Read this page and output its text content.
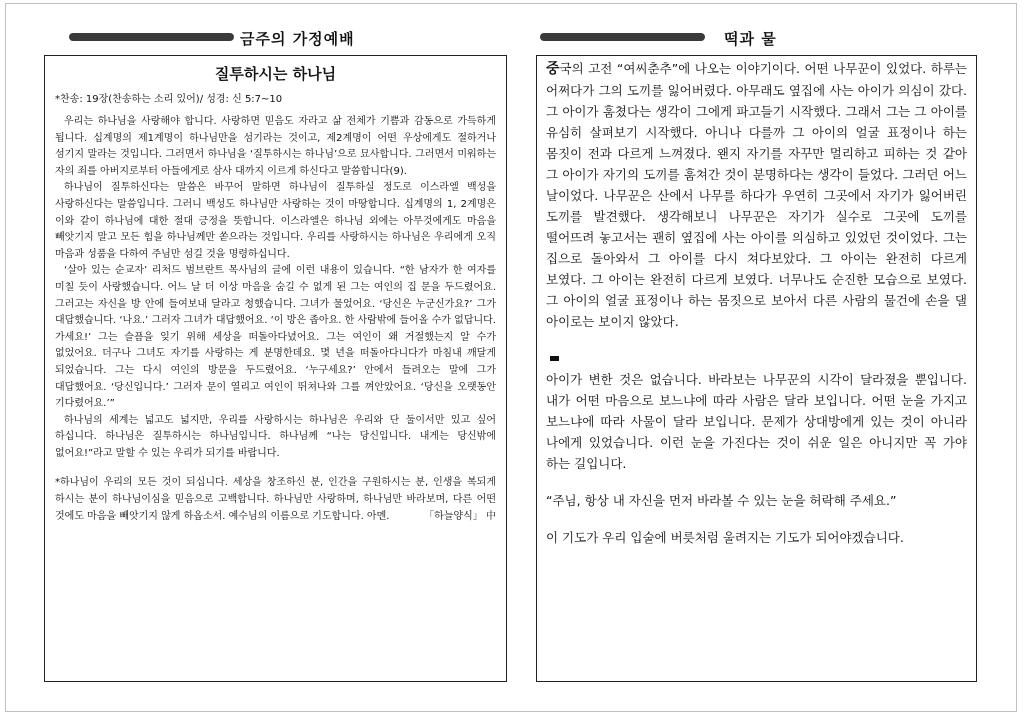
금주의 가정예배	떡과 물
질투하시는 하나님
*찬송: 19장(찬송하는 소리 있어)/ 성경: 신 5:7~10

우리는 하나님을 사랑해야 합니다. 사랑하면 믿음도 자라고 삶 전체가 기쁨과 감동으로 가득하게 됩니다. 십계명의 제1계명이 하나님만을 섬기라는 것이고, 제2계명이 어떤 우상에게도 절하거나 섬기지 말라는 것입니다. 그러면서 하나님을 ‘질투하시는 하나님’으로 묘사합니다. 그러면서 미워하는 자의 죄를 아버지로부터 아들에게로 삼사 대까지 이르게 하신다고 말씀합니다(9).

하나님이 질투하신다는 말씀은 바꾸어 말하면 하나님이 질투하실 정도로 이스라엘 백성을 사랑하신다는 말씀입니다. 그러니 백성도 하나님만 사랑하는 것이 마땅합니다. 십계명의 1, 2계명은 이와 같이 하나님에 대한 절대 긍정을 뜻합니다. 이스라엘은 하나님 외에는 아무것에게도 마음을 빼앗기지 말고 모든 힘을 하나님께만 쏟으라는 것입니다. 우리를 사랑하시는 하나님은 우리에게 오직 마음과 성품을 다하여 주님만 섬길 것을 명령하십니다.

‘살아 있는 순교자’ 리처드 범브란트 목사님의 글에 이런 내용이 있습니다. “한 남자가 한 여자를 미칠 듯이 사랑했습니다. 어느 날 더 이상 마음을 숨길 수 없게 된 그는 여인의 집 문을 두드렸어요. 그러고는 자신을 방 안에 들여보내 달라고 청했습니다. 그녀가 물었어요. ‘당신은 누군신가요?’ 그가 대답했습니다. ‘나요.’ 그러자 그녀가 대답했어요. ‘이 방은 좁아요. 한 사람밖에 들어올 수가 없답니다. 가세요!’ 그는 슬픔을 잊기 위해 세상을 떠돌아다녔어요. 그는 여인이 왜 거절했는지 알 수가 없었어요. 더구나 그녀도 자기를 사랑하는 게 분명한데요. 몇 년을 떠돌아다니다가 마침내 깨달게 되었습니다. 그는 다시 여인의 방문을 두드렸어요. ‘누구세요?’ 안에서 들려오는 말에 그가 대답했어요. ‘당신입니다.’ 그러자 문이 열리고 여인이 뛰쳐나와 그를 껴안았어요. ‘당신을 오랫동안 기다렸어요.’”

하나님의 세계는 넓고도 넓지만, 우리를 사랑하시는 하나님은 우리와 단 둘이서만 있고 싶어 하십니다. 하나님은 질투하시는 하나님입니다. 하나님께 “나는 당신입니다. 내게는 당신밖에 없어요!”라고 말할 수 있는 우리가 되기를 바랍니다.

*하나님이 우리의 모든 것이 되십니다. 세상을 창조하신 분, 인간을 구원하시는 분, 인생을 복되게 하시는 분이 하나님이심을 믿음으로 고백합니다. 하나님만 사랑하며, 하나님만 바라보며, 다른 어떤 것에도 마음을 빼앗기지 않게 하옵소서. 예수님의 이름으로 기도합니다. 아멘.	「하늘양식」 中

중국의 고전 “여씨춘추”에 나오는 이야기이다. 어떤 나무꾼이 있었다. 하루는 어쩌다가 그의 도끼를 잃어버렸다. 아무래도 옆집에 사는 아이가 의심이 갔다. 그 아이가 훔쳤다는 생각이 그에게 파고들기 시작했다. 그래서 그는 그 아이를 유심히 살펴보기 시작했다. 아니나 다를까 그 아이의 얼굴 표정이나 하는 몸짓이 전과 다르게 느껴졌다. 왠지 자기를 자꾸만 멀리하고 피하는 것 같아 그 아이가 자기의 도끼를 훔쳐간 것이 분명하다는 생각이 들었다. 그러던 어느 날이었다. 나무꾼은 산에서 나무를 하다가 우연히 그곳에서 자기가 잃어버린 도끼를 발견했다. 생각해보니 나무꾼은 자기가 실수로 그곳에 도끼를 떨어뜨려 놓고서는 괜히 옆집에 사는 아이를 의심하고 있었던 것이었다. 그는 집으로 돌아와서 그 아이를 다시 쳐다보았다. 그 아이는 완전히 다르게 보였다. 그 아이는 완전히 다르게 보였다. 너무나도 순진한 모습으로 보였다. 그 아이의 얼굴 표정이나 하는 몸짓으로 보아서 다른 사람의 물건에 손을 댈 아이로는 보이지 않았다.

아이가 변한 것은 없습니다. 바라보는 나무꾼의 시각이 달라졌을 뿐입니다. 내가 어떤 마음으로 보느냐에 따라 사람은 달라 보입니다. 어떤 눈을 가지고 보느냐에 따라 사물이 달라 보입니다. 문제가 상대방에게 있는 것이 아니라 나에게 있었습니다. 이런 눈을 가진다는 것이 쉬운 일은 아니지만 꼭 가야 하는 길입니다.

“주님, 항상 내 자신을 먼저 바라볼 수 있는 눈을 허락해 주세요.”

이 기도가 우리 입술에 버릇처럼 울려지는 기도가 되어야겠습니다.
